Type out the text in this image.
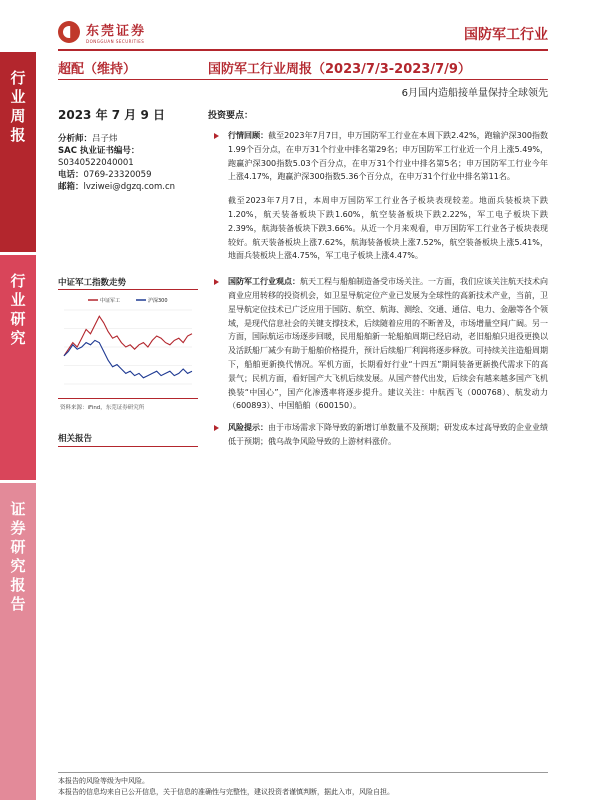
东莞证券
DONGGUAN SECURITIES	国防军工行业
行业周报
行业研究
证券研究报告
超配（维持）	国防军工行业周报（2023/7/3-2023/7/9）
6月国内造船接单量保持全球领先
2023 年 7 月 9 日
分析师：吕子炜
SAC 执业证书编号：
S0340522040001
电话：0769-23320059
邮箱：lvziwei@dgzq.com.cn
中证军工指数走势
中证军工	沪深300
资料来源：iFind，东莞证券研究所
相关报告
投资要点：
行情回顾：截至2023年7月7日，申万国防军工行业在本周下跌2.42%，跑输沪深300指数1.99个百分点，在申万31个行业中排名第29名；申万国防军工行业近一个月上涨5.49%，跑赢沪深300指数5.03个百分点，在申万31个行业中排名第5名；申万国防军工行业今年上涨4.17%，跑赢沪深300指数5.36个百分点，在申万31个行业中排名第11名。
截至2023年7月7日，本周申万国防军工行业各子板块表现较差。地面兵装板块下跌1.20%，航天装备板块下跌1.60%，航空装备板块下跌2.22%，军工电子板块下跌2.39%，航海装备板块下跌3.66%。从近一个月来观看，申万国防军工行业各子板块表现较好。航天装备板块上涨7.62%，航海装备板块上涨7.52%，航空装备板块上涨5.41%，地面兵装板块上涨4.75%，军工电子板块上涨4.47%。
国防军工行业观点：航天工程与船舶制造备受市场关注。一方面，我们应该关注航天技术向商业应用转移的投资机会，如卫星导航定位产业已发展为全球性的高新技术产业，当前，卫星导航定位技术已广泛应用于国防、航空、航海、测绘、交通、通信、电力、金融等各个领域，是现代信息社会的关键支撑技术，后续随着应用的不断普及，市场增量空间广阔。另一方面，国际航运市场逐步回暖，民用船舶新一轮船舶周期已经启动，老旧船舶只退役更换以及活跃船厂减少有助于船舶价格提升，预计后续船厂利润将逐步释放。可持续关注造船周期下，船舶更新换代情况。军机方面，长期看好行业“十四五”期间装备更新换代需求下的高景气；民机方面，看好国产大飞机后续发展。从国产替代出发，后续会有越来越多国产飞机换装“中国心”，国产化渗透率将逐步提升。建议关注：中航西飞（000768）、航发动力（600893）、中国船舶（600150）。
风险提示：由于市场需求下降导致的新增订单数量不及预期；研发成本过高导致的企业业绩低于预期；俄乌战争风险导致的上游材料涨价。
本报告的风险等级为中风险。
本报告的信息均来自已公开信息，关于信息的准确性与完整性，建议投资者谨慎判断，据此入市，风险自担。
